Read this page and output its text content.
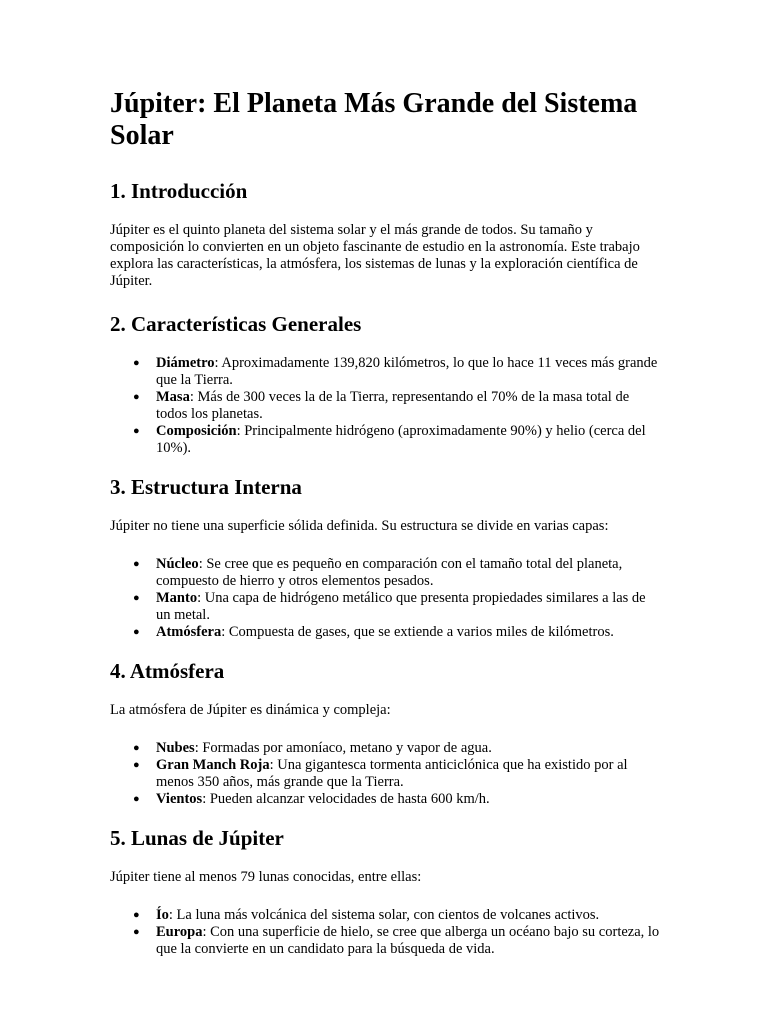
Júpiter: El Planeta Más Grande del Sistema Solar
1. Introducción

Júpiter es el quinto planeta del sistema solar y el más grande de todos. Su tamaño y composición lo convierten en un objeto fascinante de estudio en la astronomía. Este trabajo explora las características, la atmósfera, los sistemas de lunas y la exploración científica de Júpiter.

2. Características Generales
● Diámetro: Aproximadamente 139,820 kilómetros, lo que lo hace 11 veces más grande que la Tierra.
● Masa: Más de 300 veces la de la Tierra, representando el 70% de la masa total de todos los planetas.
● Composición: Principalmente hidrógeno (aproximadamente 90%) y helio (cerca del 10%).
3. Estructura Interna

Júpiter no tiene una superficie sólida definida. Su estructura se divide en varias capas:

● Núcleo: Se cree que es pequeño en comparación con el tamaño total del planeta, compuesto de hierro y otros elementos pesados.
● Manto: Una capa de hidrógeno metálico que presenta propiedades similares a las de un metal.
● Atmósfera: Compuesta de gases, que se extiende a varios miles de kilómetros.
4. Atmósfera

La atmósfera de Júpiter es dinámica y compleja:

● Nubes: Formadas por amoníaco, metano y vapor de agua.
● Gran Manch Roja: Una gigantesca tormenta anticiclónica que ha existido por al menos 350 años, más grande que la Tierra.
● Vientos: Pueden alcanzar velocidades de hasta 600 km/h.
5. Lunas de Júpiter

Júpiter tiene al menos 79 lunas conocidas, entre ellas:

● Ío: La luna más volcánica del sistema solar, con cientos de volcanes activos.
● Europa: Con una superficie de hielo, se cree que alberga un océano bajo su corteza, lo que la convierte en un candidato para la búsqueda de vida.
